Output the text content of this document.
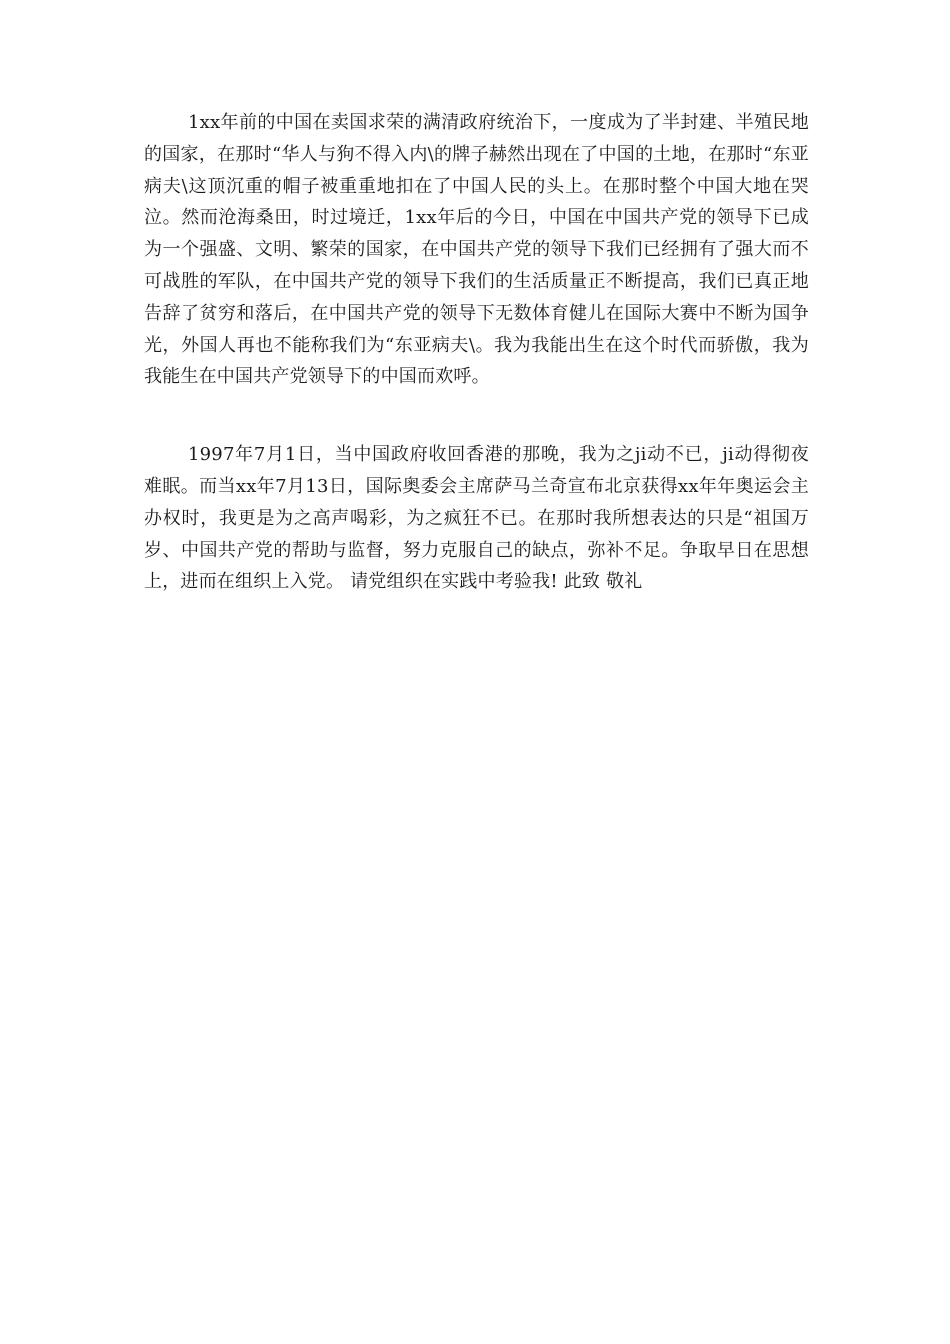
1xx年前的中国在卖国求荣的满清政府统治下，一度成为了半封建、半殖民地的国家，在那时“华人与狗不得入内\的牌子赫然出现在了中国的土地，在那时“东亚病夫\这顶沉重的帽子被重重地扣在了中国人民的头上。在那时整个中国大地在哭泣。然而沧海桑田，时过境迁，1xx年后的今日，中国在中国共产党的领导下已成为一个强盛、文明、繁荣的国家，在中国共产党的领导下我们已经拥有了强大而不可战胜的军队，在中国共产党的领导下我们的生活质量正不断提高，我们已真正地告辞了贫穷和落后，在中国共产党的领导下无数体育健儿在国际大赛中不断为国争光，外国人再也不能称我们为“东亚病夫\。我为我能出生在这个时代而骄傲，我为我能生在中国共产党领导下的中国而欢呼。

1997年7月1日，当中国政府收回香港的那晚，我为之ji动不已，ji动得彻夜难眠。而当xx年7月13日，国际奥委会主席萨马兰奇宣布北京获得xx年年奥运会主办权时，我更是为之高声喝彩，为之疯狂不已。在那时我所想表达的只是“祖国万岁、中国共产党的帮助与监督，努力克服自己的缺点，弥补不足。争取早日在思想上，进而在组织上入党。 请党组织在实践中考验我! 此致 敬礼
